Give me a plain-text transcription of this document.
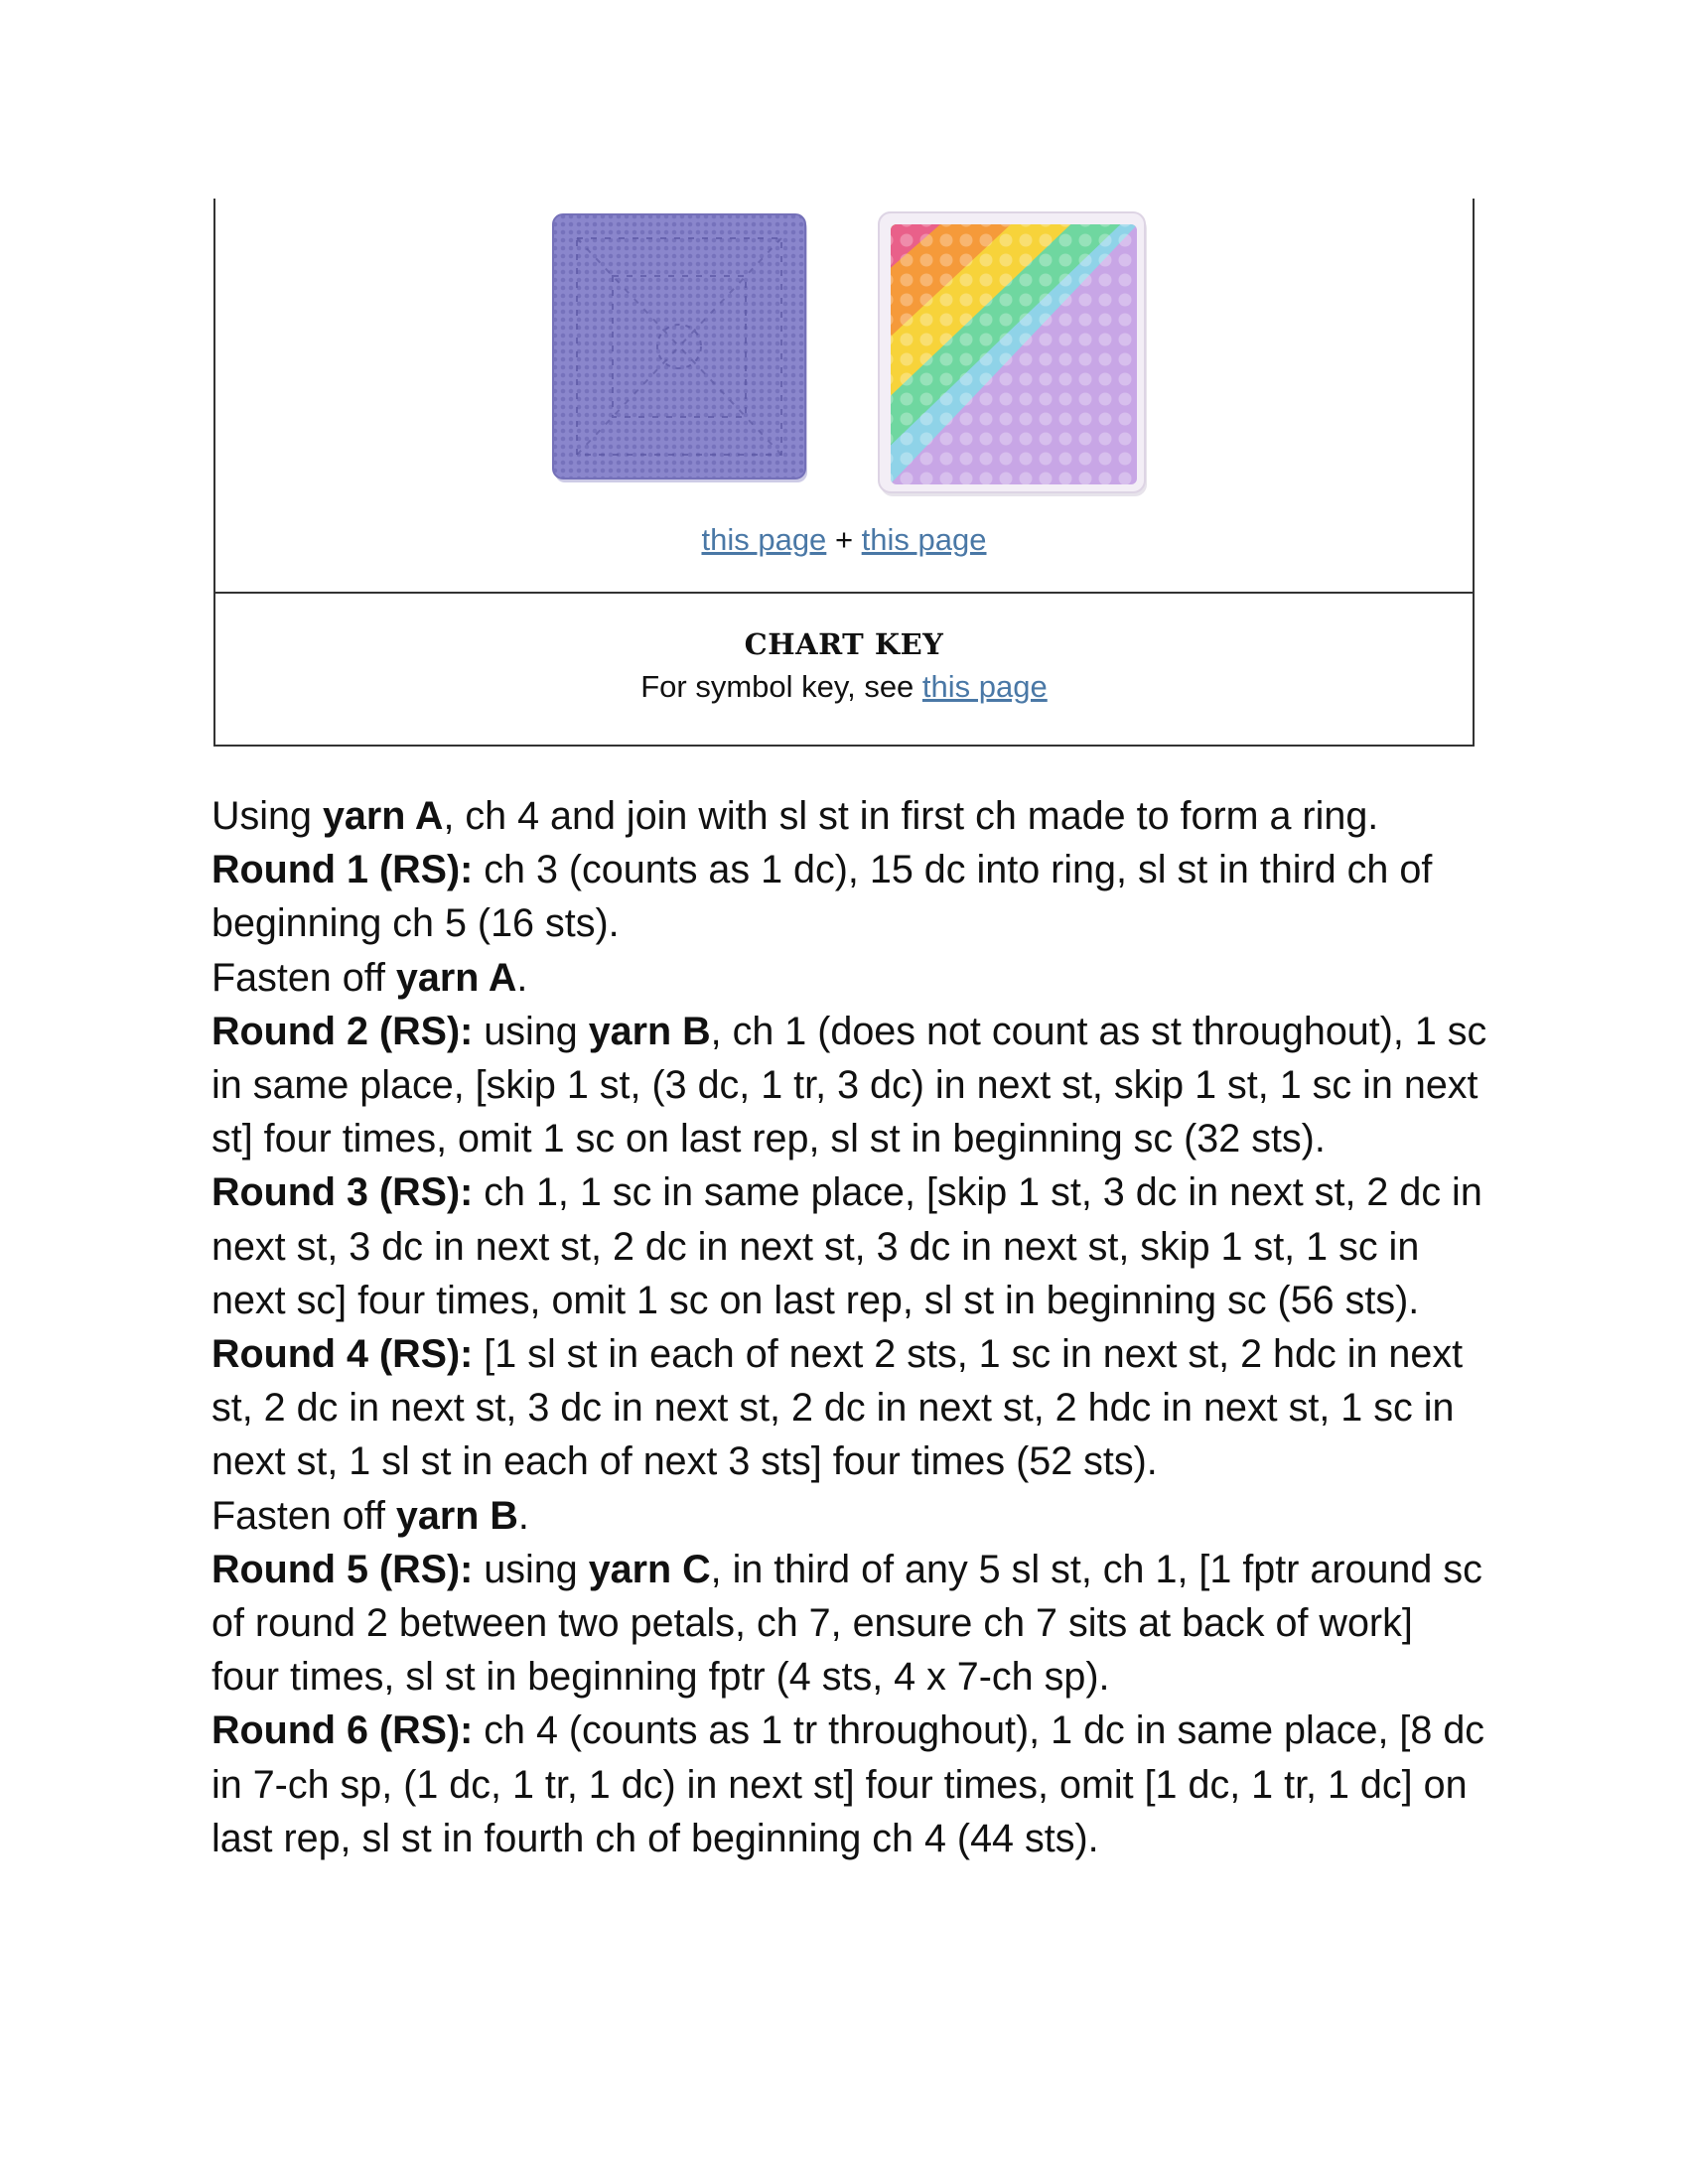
this page + this page
CHART KEY
For symbol key, see this page

Using yarn A, ch 4 and join with sl st in first ch made to form a ring.

Round 1 (RS): ch 3 (counts as 1 dc), 15 dc into ring, sl st in third ch of beginning ch 5 (16 sts).

Fasten off yarn A.

Round 2 (RS): using yarn B, ch 1 (does not count as st throughout), 1 sc in same place, [skip 1 st, (3 dc, 1 tr, 3 dc) in next st, skip 1 st, 1 sc in next st] four times, omit 1 sc on last rep, sl st in beginning sc (32 sts).

Round 3 (RS): ch 1, 1 sc in same place, [skip 1 st, 3 dc in next st, 2 dc in next st, 3 dc in next st, 2 dc in next st, 3 dc in next st, skip 1 st, 1 sc in next sc] four times, omit 1 sc on last rep, sl st in beginning sc (56 sts).

Round 4 (RS): [1 sl st in each of next 2 sts, 1 sc in next st, 2 hdc in next st, 2 dc in next st, 3 dc in next st, 2 dc in next st, 2 hdc in next st, 1 sc in next st, 1 sl st in each of next 3 sts] four times (52 sts).

Fasten off yarn B.

Round 5 (RS): using yarn C, in third of any 5 sl st, ch 1, [1 fptr around sc of round 2 between two petals, ch 7, ensure ch 7 sits at back of work] four times, sl st in beginning fptr (4 sts, 4 x 7-ch sp).

Round 6 (RS): ch 4 (counts as 1 tr throughout), 1 dc in same place, [8 dc in 7-ch sp, (1 dc, 1 tr, 1 dc) in next st] four times, omit [1 dc, 1 tr, 1 dc] on last rep, sl st in fourth ch of beginning ch 4 (44 sts).
